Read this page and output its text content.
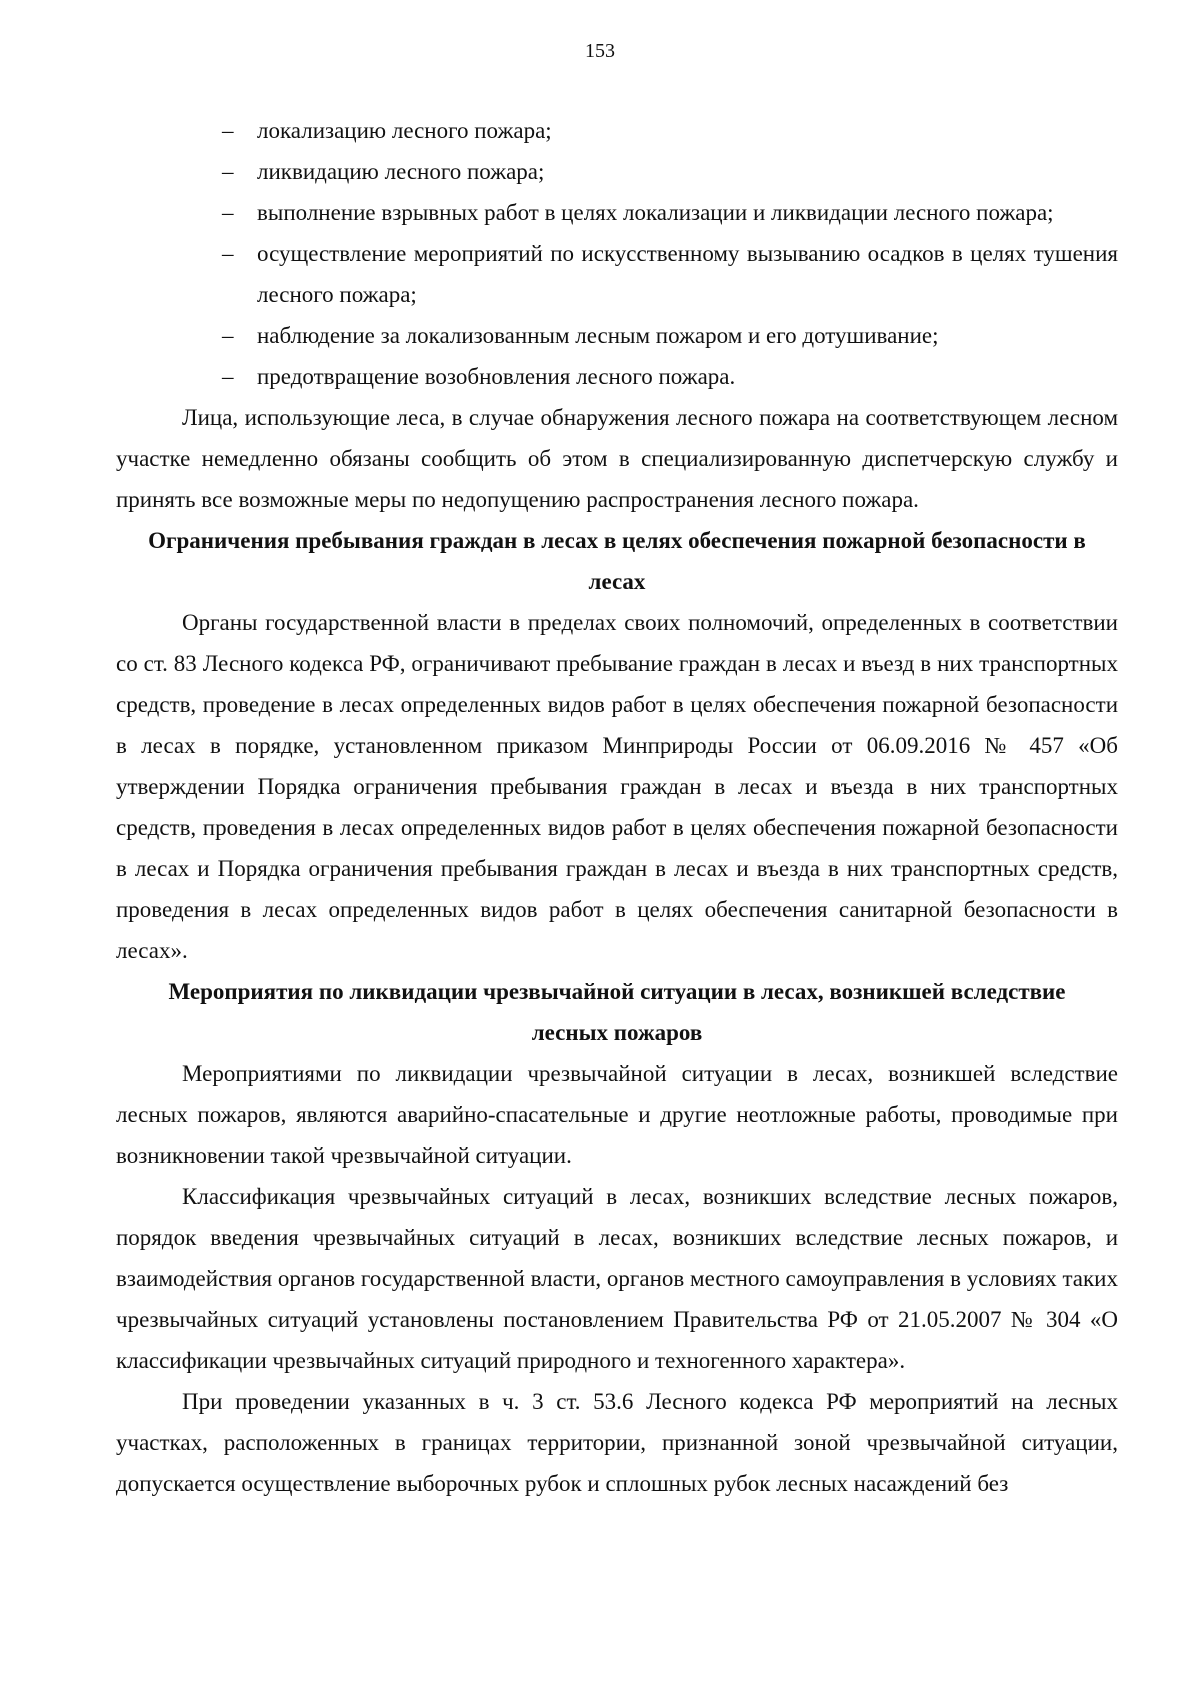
153
– локализацию лесного пожара;
– ликвидацию лесного пожара;
– выполнение взрывных работ в целях локализации и ликвидации лесного пожара;
– осуществление мероприятий по искусственному вызыванию осадков в целях тушения лесного пожара;
– наблюдение за локализованным лесным пожаром и его дотушивание;
– предотвращение возобновления лесного пожара.

Лица, использующие леса, в случае обнаружения лесного пожара на соответствующем лесном участке немедленно обязаны сообщить об этом в специализированную диспетчерскую службу и принять все возможные меры по недопущению распространения лесного пожара.

Ограничения пребывания граждан в лесах в целях обеспечения пожарной безопасности в лесах

Органы государственной власти в пределах своих полномочий, определенных в соответствии со ст. 83 Лесного кодекса РФ, ограничивают пребывание граждан в лесах и въезд в них транспортных средств, проведение в лесах определенных видов работ в целях обеспечения пожарной безопасности в лесах в порядке, установленном приказом Минприроды России от 06.09.2016 № 457 «Об утверждении Порядка ограничения пребывания граждан в лесах и въезда в них транспортных средств, проведения в лесах определенных видов работ в целях обеспечения пожарной безопасности в лесах и Порядка ограничения пребывания граждан в лесах и въезда в них транспортных средств, проведения в лесах определенных видов работ в целях обеспечения санитарной безопасности в лесах».

Мероприятия по ликвидации чрезвычайной ситуации в лесах, возникшей вследствие лесных пожаров

Мероприятиями по ликвидации чрезвычайной ситуации в лесах, возникшей вследствие лесных пожаров, являются аварийно-спасательные и другие неотложные работы, проводимые при возникновении такой чрезвычайной ситуации.

Классификация чрезвычайных ситуаций в лесах, возникших вследствие лесных пожаров, порядок введения чрезвычайных ситуаций в лесах, возникших вследствие лесных пожаров, и взаимодействия органов государственной власти, органов местного самоуправления в условиях таких чрезвычайных ситуаций установлены постановлением Правительства РФ от 21.05.2007 № 304 «О классификации чрезвычайных ситуаций природного и техногенного характера».

При проведении указанных в ч. 3 ст. 53.6 Лесного кодекса РФ мероприятий на лесных участках, расположенных в границах территории, признанной зоной чрезвычайной ситуации, допускается осуществление выборочных рубок и сплошных рубок лесных насаждений без
